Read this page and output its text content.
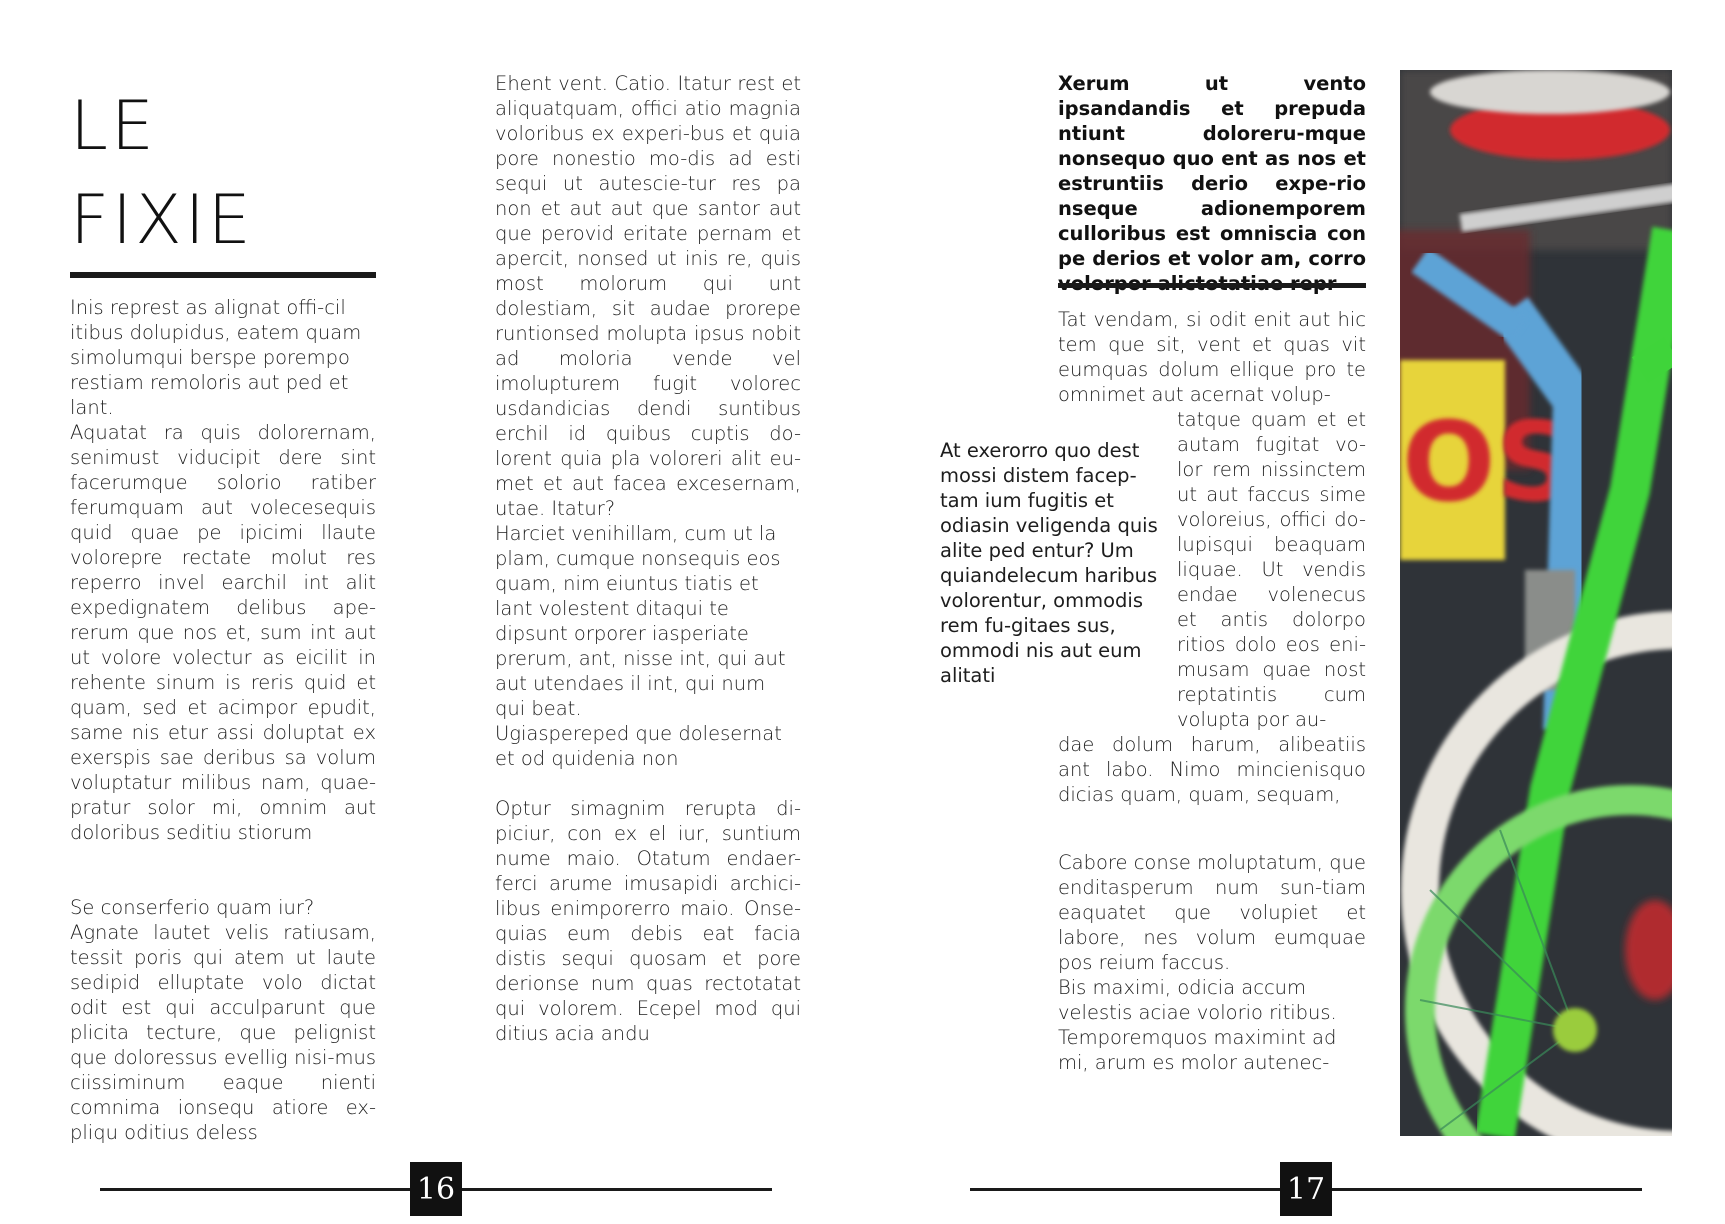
LE
FIXIE

Inis represt as alignat offi-cil itibus dolupidus, eatem quam simolumqui berspe porempo restiam remoloris aut ped et lant.

Aquatat ra quis dolorernam, senimust viducipit dere sint facerumque solorio ratiber ferumquam aut volecesequis quid quae pe ipicimi llaute volorepre rectate molut res reperro invel earchil int alit expedignatem delibus ape-rerum que nos et, sum int aut ut volore volectur as eicilit in rehente sinum is reris quid et quam, sed et acimpor epudit, same nis etur assi doluptat ex exerspis sae deribus sa volum voluptatur milibus nam, quae-pratur solor mi, omnim aut doloribus seditiu stiorum

Se conserferio quam iur?

Agnate lautet velis ratiusam, tessit poris qui atem ut laute sedipid elluptate volo dictat odit est qui acculparunt que plicita tecture, que pelignist que doloressus evellig nisi-mus ciissiminum eaque nienti comnima ionsequ atiore ex-pliqu oditius deless

Ehent vent. Catio. Itatur rest et aliquatquam, offici atio magnia voloribus ex experi-bus et quia pore nonestio mo-dis ad esti sequi ut autescie-tur res pa non et aut aut que santor aut que perovid eritate pernam et apercit, nonsed ut inis re, quis most molorum qui unt dolestiam, sit audae prorepe runtionsed molupta ipsus nobit ad moloria vende vel imolupturem fugit volorec usdandicias dendi suntibus erchil id quibus cuptis do-lorent quia pla voloreri alit eu-met et aut facea excesernam, utae. Itatur?

Harciet venihillam, cum ut la plam, cumque nonsequis eos quam, nim eiuntus tiatis et lant volestent ditaqui te dipsunt orporer iasperiate prerum, ant, nisse int, qui aut aut utendaes il int, qui num qui beat.

Ugiaspereped que dolesernat et od quidenia non

Optur simagnim rerupta di-piciur, con ex el iur, suntium nume maio. Otatum endaer-ferci arume imusapidi archici-libus enimporerro maio. Onse-quias eum debis eat facia distis sequi quosam et pore derionse num quas rectotatat qui volorem. Ecepel mod qui ditius acia andu

16
Xerum ut vento ipsandandis et prepuda ntiunt doloreru-mque nonsequo quo ent as nos et estruntiis derio expe-rio nseque adionemporem culloribus est omniscia con pe derios et volor am, corro
Tat vendam, si odit enit aut hic tem que sit, vent et quas vit eumquas dolum ellique pro te omnimet aut acernat volup-
At exerorro quo dest mossi distem facep-tam ium fugitis et odiasin veligenda quis alite ped entur? Um quiandelecum haribus volorentur, ommodis rem fu-gitaes sus, ommodi nis aut eum alitati
tatque quam et et autam fugitat vo-lor rem nissinctem ut aut faccus sime voloreius, offici do-lupisqui beaquam liquae. Ut vendis endae volenecus et antis dolorpo ritios dolo eos eni-musam quae nost reptatintis cum volupta por au-
dae dolum harum, alibeatiis ant labo. Nimo mincienisquo dicias quam, quam, sequam,

Cabore conse moluptatum, que enditasperum num sun-tiam eaquatet que volupiet et labore, nes volum eumquae pos reium faccus.

Bis maximi, odicia accum velestis aciae volorio ritibus. Temporemquos maximint ad mi, arum es molor autenec-

OS
17
